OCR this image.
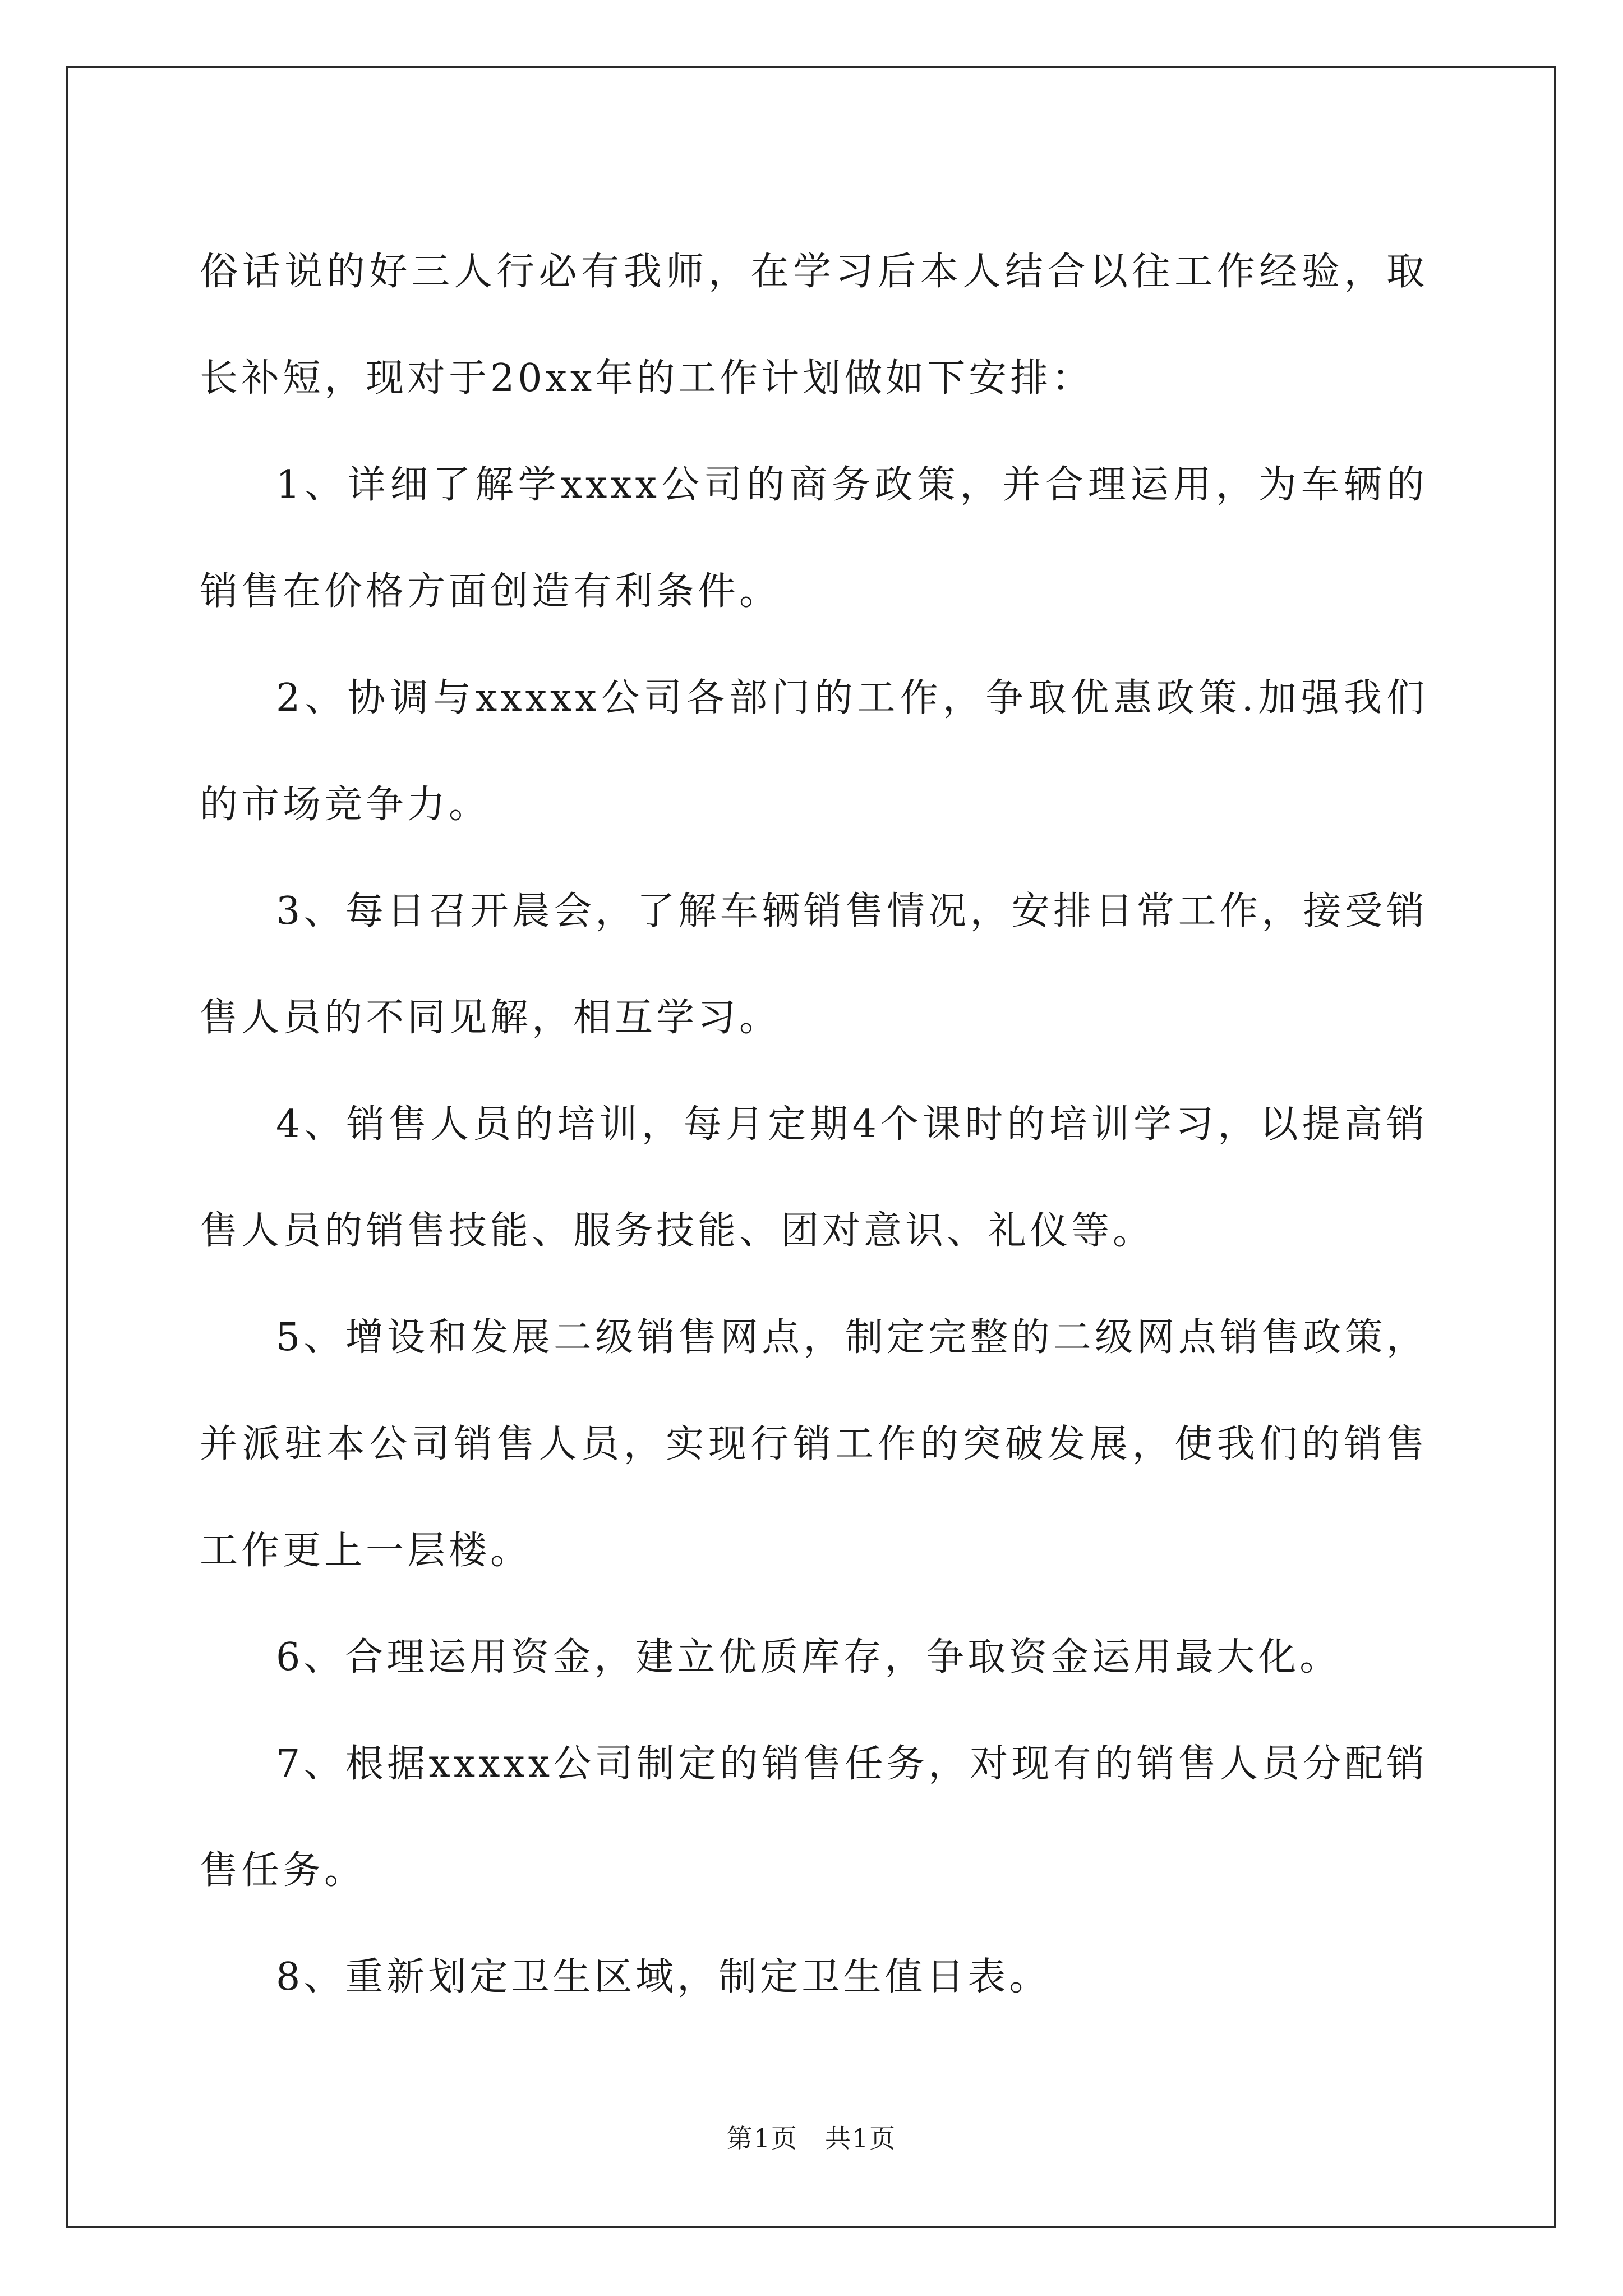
俗话说的好三人行必有我师，在学习后本人结合以往工作经验，取长补短，现对于20xx年的工作计划做如下安排：

1、详细了解学xxxx公司的商务政策，并合理运用，为车辆的销售在价格方面创造有利条件。

2、协调与xxxxx公司各部门的工作，争取优惠政策.加强我们的市场竞争力。

3、每日召开晨会，了解车辆销售情况，安排日常工作，接受销售人员的不同见解，相互学习。

4、销售人员的培训，每月定期4个课时的培训学习，以提高销售人员的销售技能、服务技能、团对意识、礼仪等。

5、增设和发展二级销售网点，制定完整的二级网点销售政策，并派驻本公司销售人员，实现行销工作的突破发展，使我们的销售工作更上一层楼。

6、合理运用资金，建立优质库存，争取资金运用最大化。

7、根据xxxxx公司制定的销售任务，对现有的销售人员分配销售任务。

8、重新划定卫生区域，制定卫生值日表。

第1页 共1页
